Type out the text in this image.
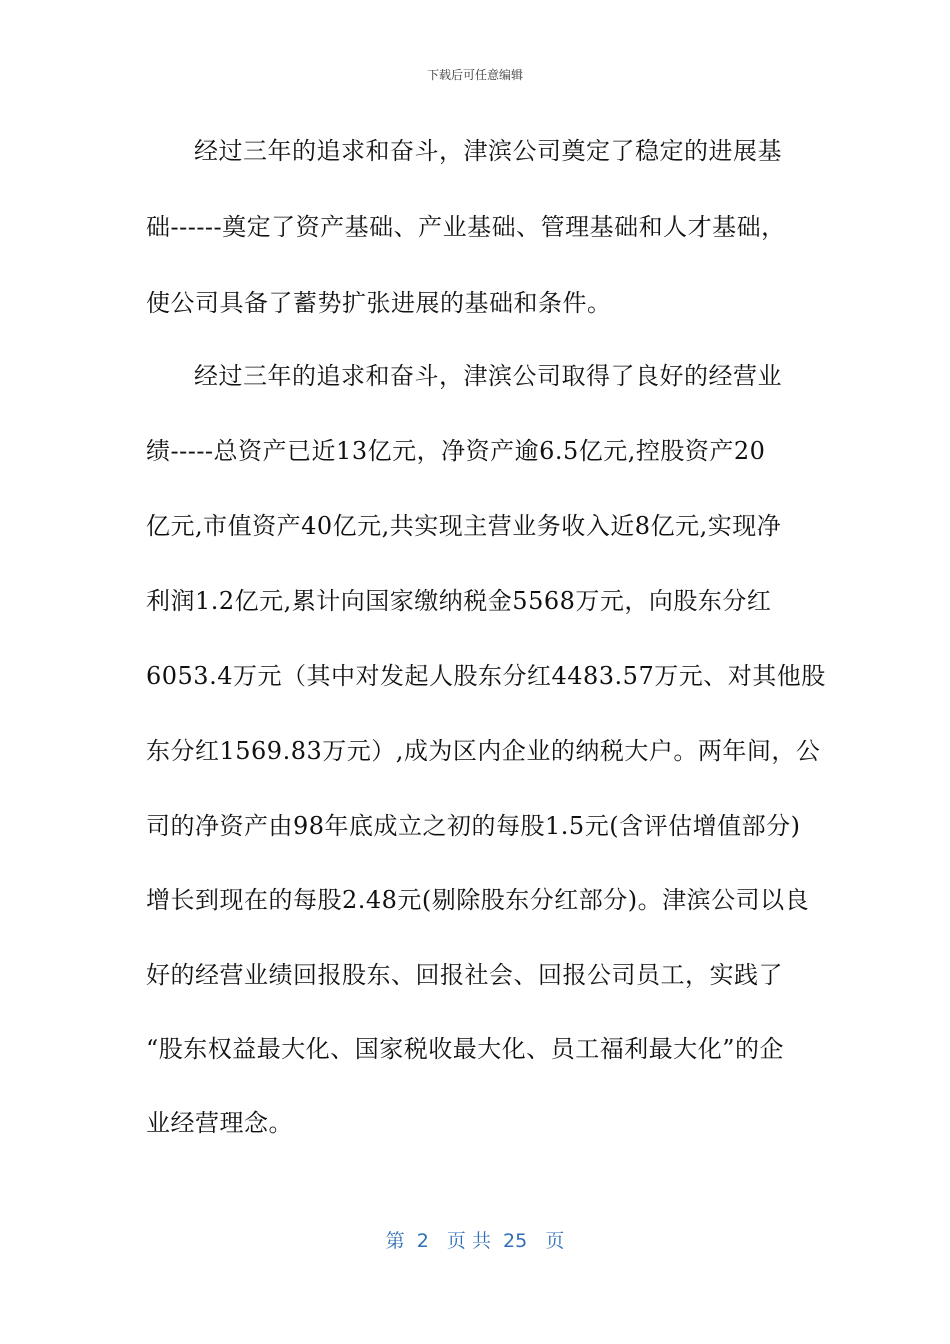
下载后可任意编辑
经过三年的追求和奋斗，津滨公司奠定了稳定的进展基
础------奠定了资产基础、产业基础、管理基础和人才基础，
使公司具备了蓄势扩张进展的基础和条件。
经过三年的追求和奋斗，津滨公司取得了良好的经营业
绩-----总资产已近13亿元，净资产逾6.5亿元,控股资产20
亿元,市值资产40亿元,共实现主营业务收入近8亿元,实现净
利润1.2亿元,累计向国家缴纳税金5568万元，向股东分红
6053.4万元（其中对发起人股东分红4483.57万元、对其他股
东分红1569.83万元）,成为区内企业的纳税大户。两年间，公
司的净资产由98年底成立之初的每股1.5元(含评估增值部分)
增长到现在的每股2.48元(剔除股东分红部分)。津滨公司以良
好的经营业绩回报股东、回报社会、回报公司员工，实践了
“股东权益最大化、国家税收最大化、员工福利最大化”的企
业经营理念。
第  2   页 共  25   页
